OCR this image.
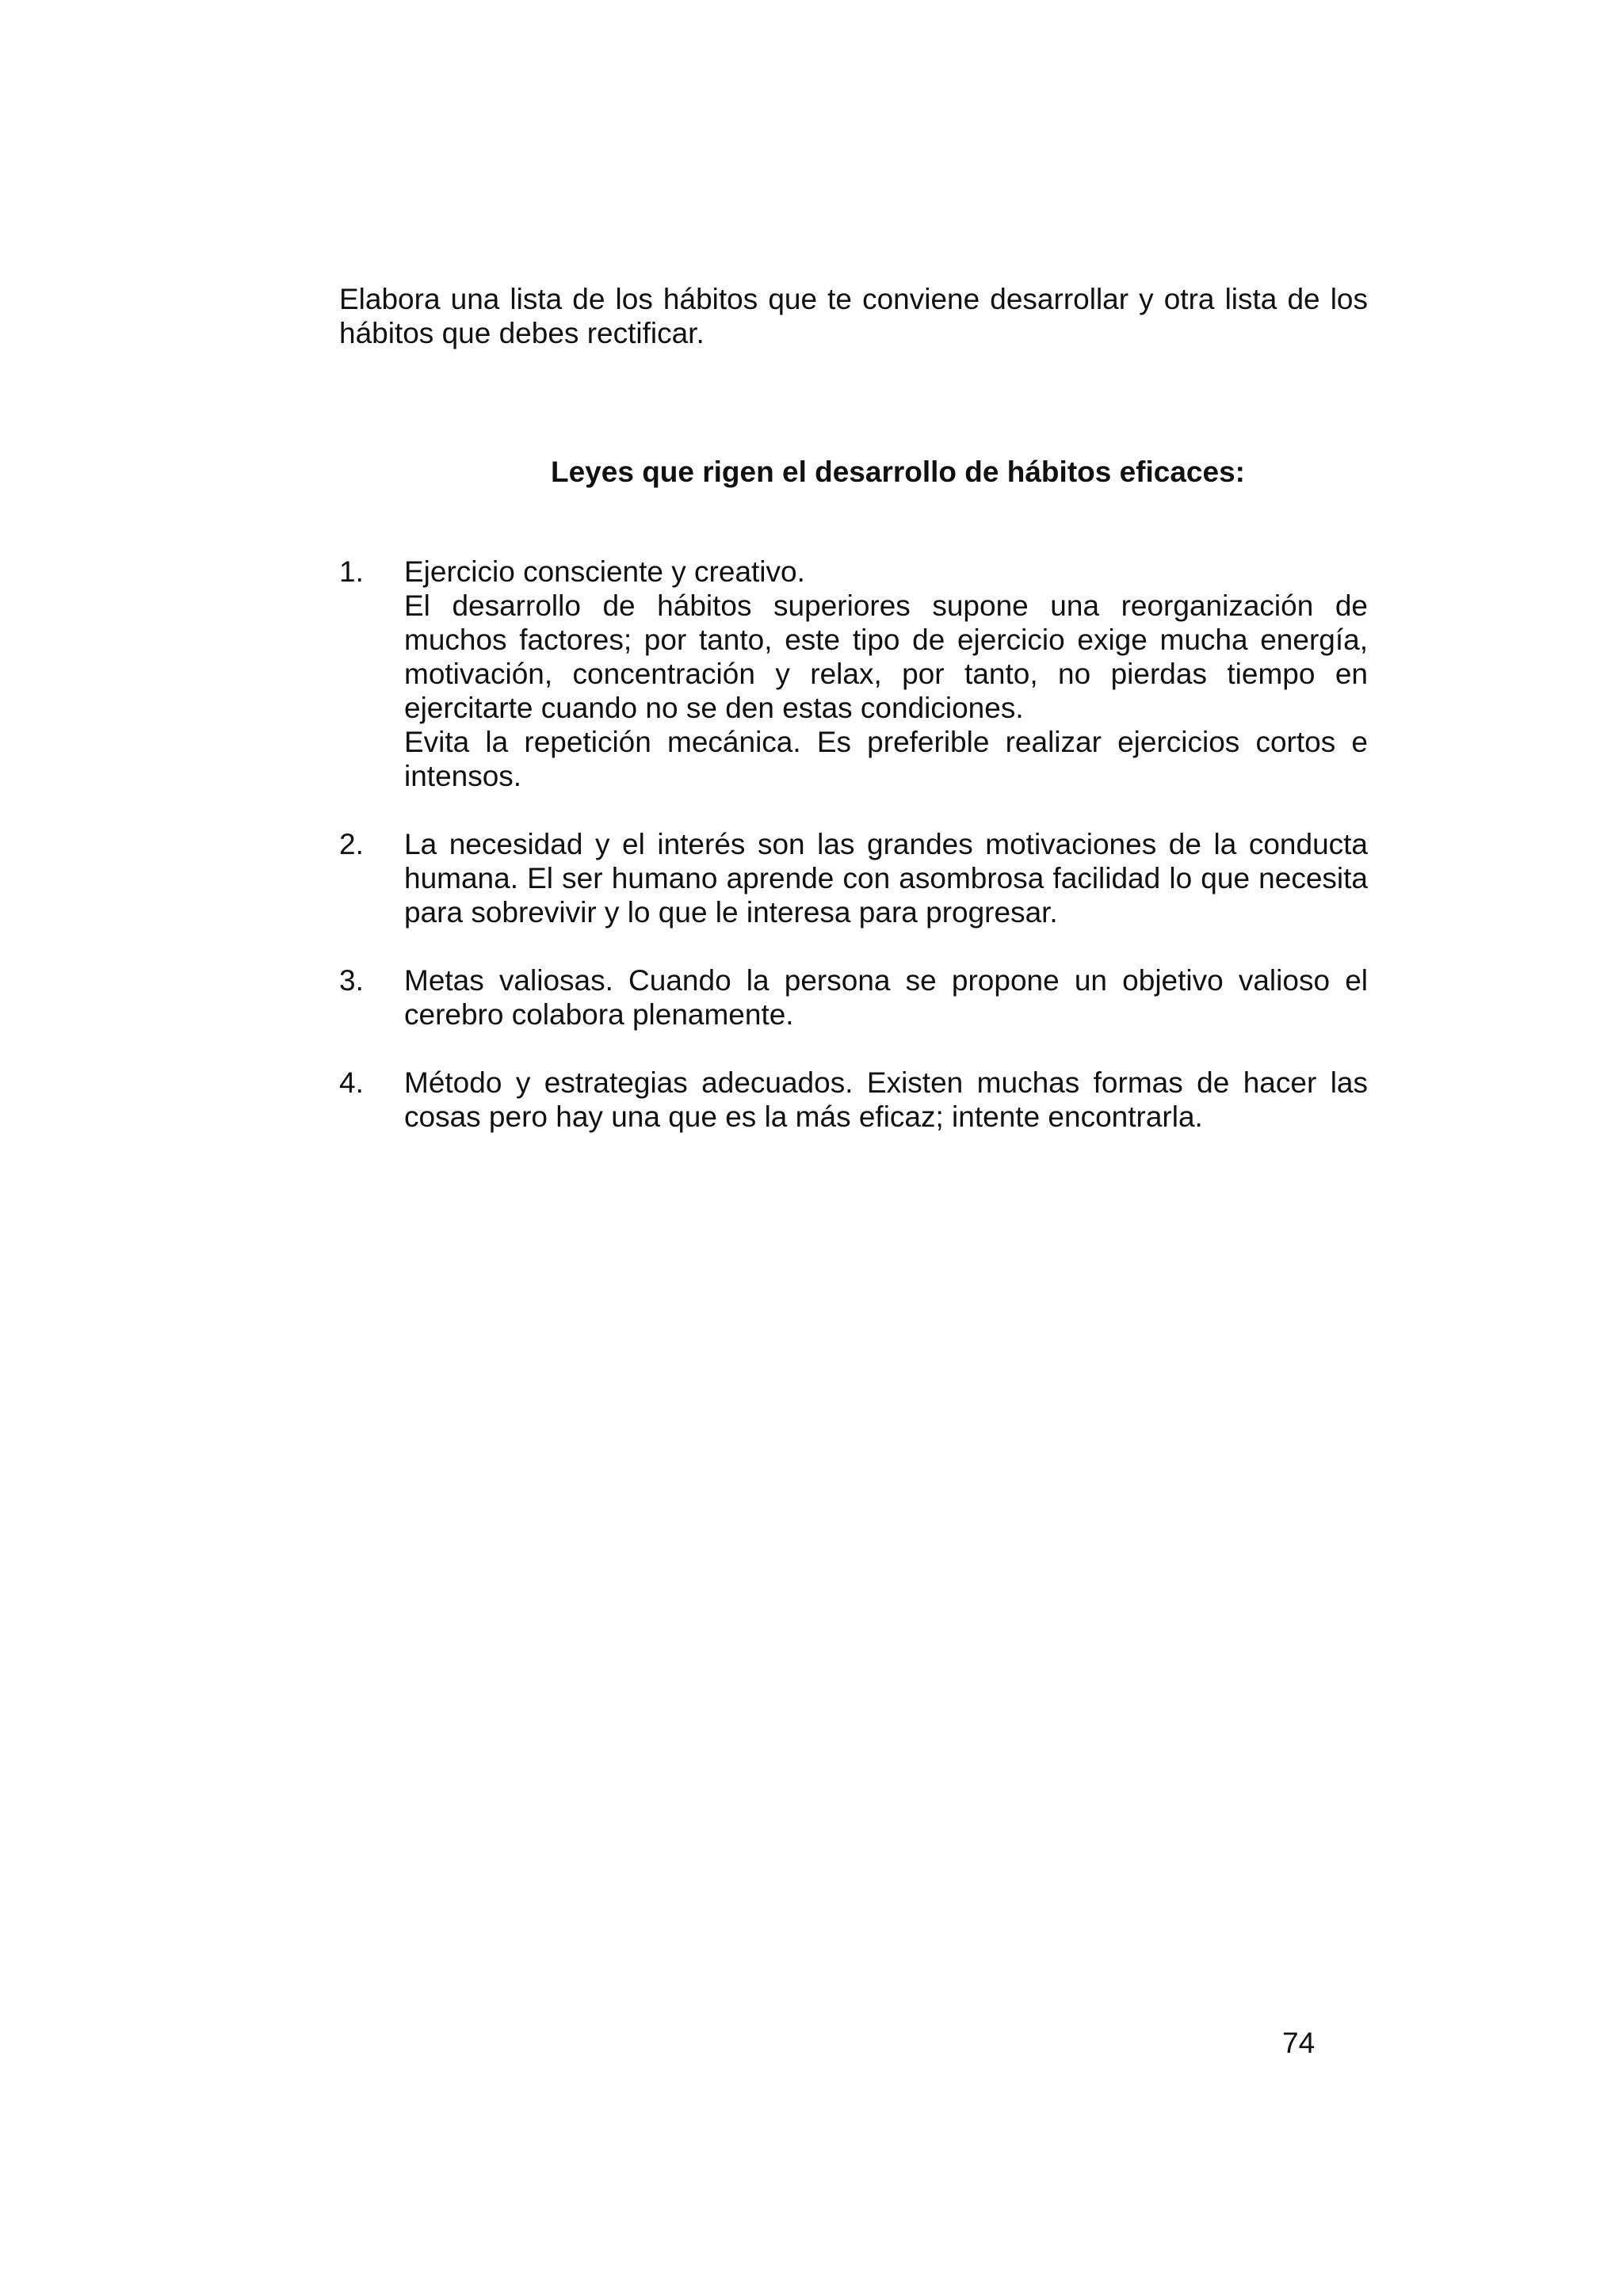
Elabora una lista de los hábitos que te conviene desarrollar y otra lista de los hábitos que debes rectificar.

Leyes que rigen el desarrollo de hábitos eficaces:

1.	Ejercicio consciente y creativo.

El desarrollo de hábitos superiores supone una reorganización de muchos factores; por tanto, este tipo de ejercicio exige mucha energía, motivación, concentración y relax, por tanto, no pierdas tiempo en ejercitarte cuando no se den estas condiciones.

Evita la repetición mecánica. Es preferible realizar ejercicios cortos e intensos.

2.	La necesidad y el interés son las grandes motivaciones de la conducta humana. El ser humano aprende con asombrosa facilidad lo que necesita para sobrevivir y lo que le interesa para progresar.

3.	Metas valiosas. Cuando la persona se propone un objetivo valioso el cerebro colabora plenamente.

4.	Método y estrategias adecuados. Existen muchas formas de hacer las cosas pero hay una que es la más eficaz; intente encontrarla.

74
